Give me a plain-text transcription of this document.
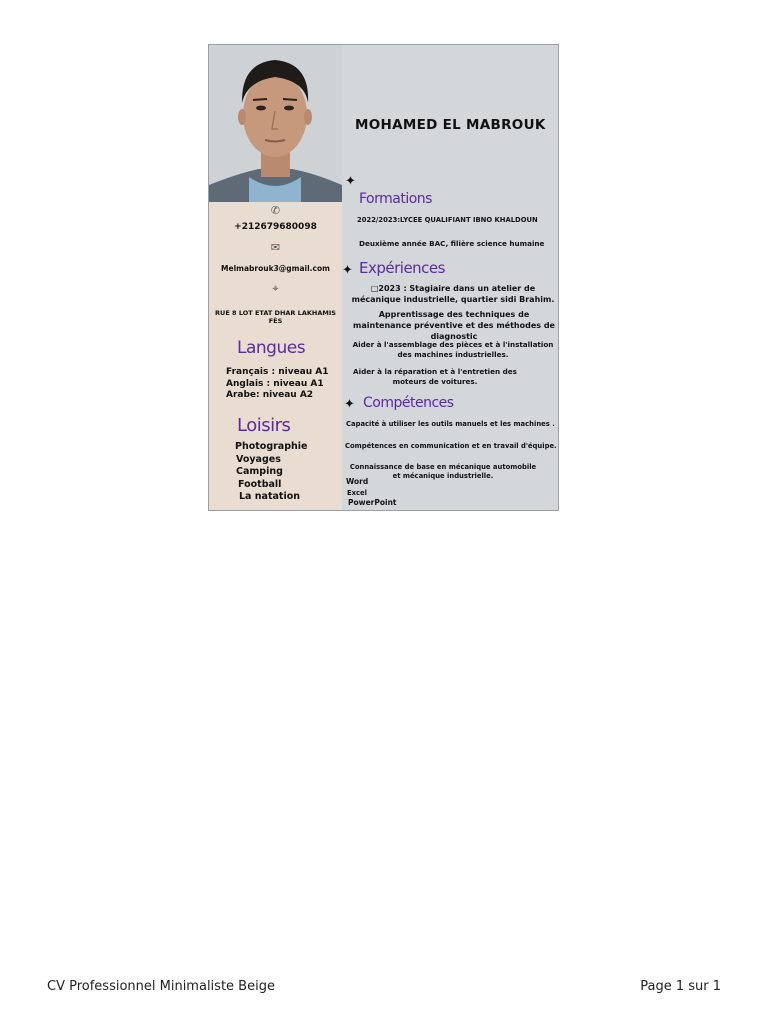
✆
+212679680098
✉
Melmabrouk3@gmail.com
⌖
RUE 8 LOT ETAT DHAR LAKHAMIS FÈS
Langues
Français : niveau A1
Anglais : niveau A1
Arabe: niveau A2
Loisirs
Photographie
Voyages
Camping
Football
La natation
MOHAMED EL MABROUK
✦
Formations
2022/2023:LYCEE QUALIFIANT IBNO KHALDOUN
Deuxième année BAC, filière science humaine
✦ Expériences
□2023 : Stagiaire dans un atelier de mécanique industrielle, quartier sidi Brahim.
Apprentissage des techniques de maintenance préventive et des méthodes de diagnostic
Aider à l'assemblage des pièces et à l'installation des machines industrielles.
Aider à la réparation et à l'entretien des moteurs de voitures.
✦ Compétences
Capacité à utiliser les outils manuels et les machines .
Compétences en communication et en travail d'équipe.
Connaissance de base en mécanique automobile et mécanique industrielle.
Word
Excel
PowerPoint
CV Professionnel Minimaliste Beige	Page 1 sur 1
